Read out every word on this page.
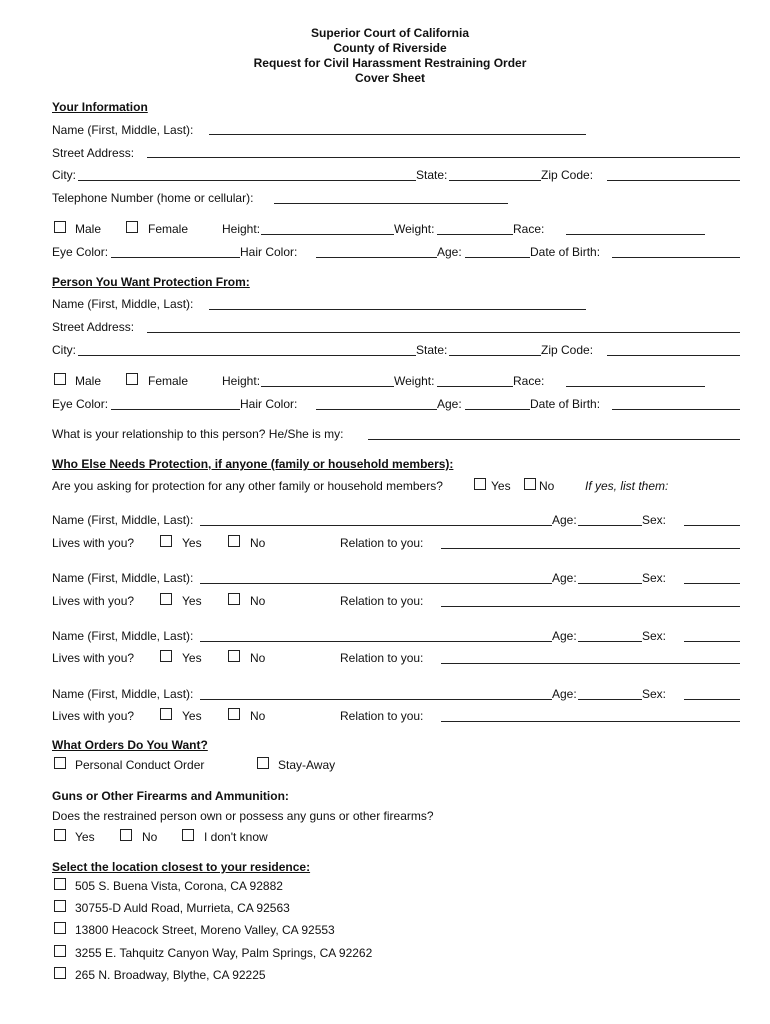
Superior Court of California
County of Riverside
Request for Civil Harassment Restraining Order
Cover Sheet
Your Information
Name (First, Middle, Last):
Street Address:
City:	State:	Zip Code:
Telephone Number (home or cellular):
Male	Female	Height:	Weight:	Race:
Eye Color:	Hair Color:	Age:	Date of Birth:
Person You Want Protection From:
Name (First, Middle, Last):
Street Address:
City:	State:	Zip Code:
Male	Female	Height:	Weight:	Race:
Eye Color:	Hair Color:	Age:	Date of Birth:
What is your relationship to this person? He/She is my:
Who Else Needs Protection, if anyone (family or household members):
Are you asking for protection for any other family or household members?	Yes No	If yes, list them:
Name (First, Middle, Last):	Age:	Sex:
Lives with you?	Yes	No	Relation to you:
Name (First, Middle, Last):	Age:	Sex:
Lives with you?	Yes	No	Relation to you:
Name (First, Middle, Last):	Age:	Sex:
Lives with you?	Yes	No	Relation to you:
Name (First, Middle, Last):	Age:	Sex:
Lives with you?	Yes	No	Relation to you:
What Orders Do You Want?
Personal Conduct Order	Stay-Away
Guns or Other Firearms and Ammunition:
Does the restrained person own or possess any guns or other firearms?
Yes	No	I don't know
Select the location closest to your residence:
505 S. Buena Vista, Corona, CA 92882
30755-D Auld Road, Murrieta, CA 92563
13800 Heacock Street, Moreno Valley, CA 92553
3255 E. Tahquitz Canyon Way, Palm Springs, CA 92262
265 N. Broadway, Blythe, CA 92225
